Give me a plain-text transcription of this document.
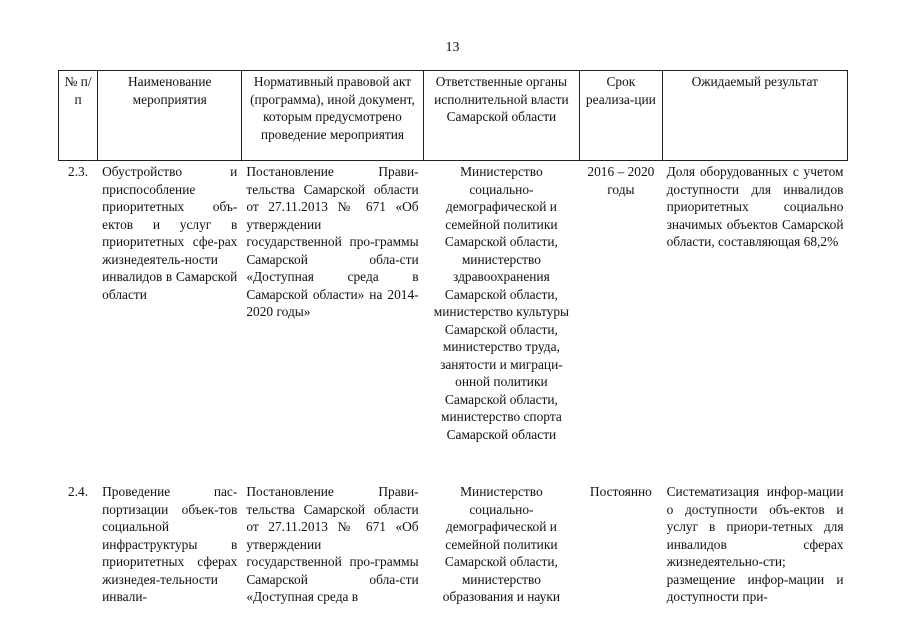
13
№ п/п	Наименование мероприятия	Нормативный правовой акт (программа), иной документ, которым предусмотрено проведение мероприятия	Ответственные органы исполнительной власти Самарской области	Срок реализа-ции	Ожидаемый результат
2.3.	Обустройство и приспособление приоритетных объ-ектов и услуг в приоритетных сфе-рах жизнедеятель-ности инвалидов в Самарской области	Постановление Прави-тельства Самарской области от 27.11.2013 № 671 «Об утверждении государственной про-граммы Самарской обла-сти «Доступная среда в Самарской области» на 2014-2020 годы»	Министерство социально-демографической и семейной политики Самарской области, министерство здравоохранения Самарской области, министерство культуры Самарской области, министерство труда, занятости и миграци-онной политики Самарской области, министерство спорта Самарской области	2016 – 2020 годы	Доля оборудованных с учетом доступности для инвалидов приоритетных социально значимых объектов Самарской области, составляющая 68,2%
2.4.	Проведение пас-портизации объек-тов социальной инфраструктуры в приоритетных сферах жизнедея-тельности инвали-	Постановление Прави-тельства Самарской области от 27.11.2013 № 671 «Об утверждении государственной про-граммы Самарской обла-сти «Доступная среда в	Министерство социально-демографической и семейной политики Самарской области, министерство образования и науки	Постоянно	Систематизация инфор-мации о доступности объ-ектов и услуг в приори-тетных для инвалидов сферах жизнедеятельно-сти; размещение инфор-мации и доступности при-
